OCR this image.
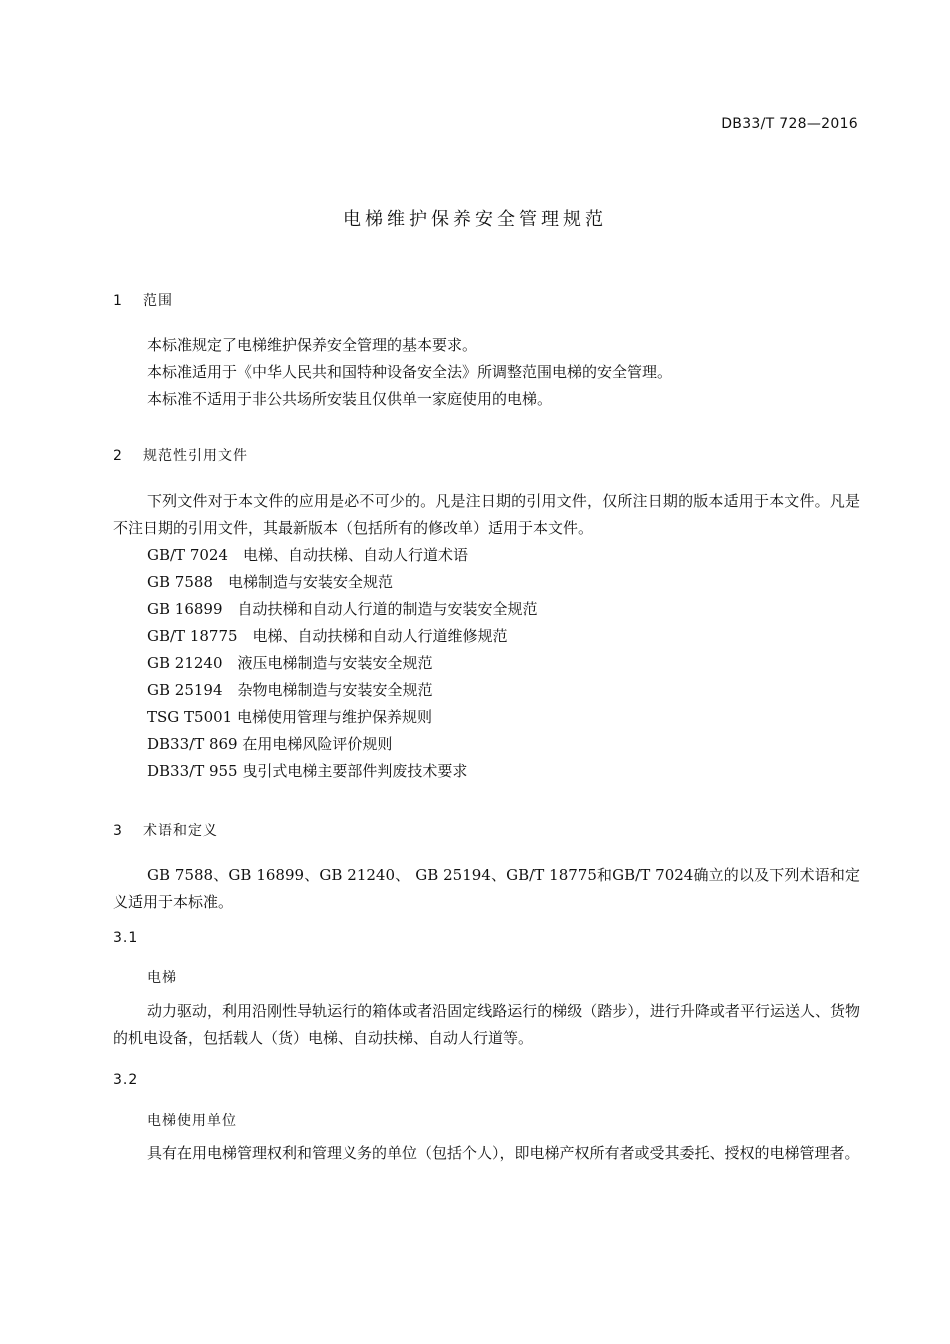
DB33/T 728—2016
电梯维护保养安全管理规范
1 范围
本标准规定了电梯维护保养安全管理的基本要求。
本标准适用于《中华人民共和国特种设备安全法》所调整范围电梯的安全管理。
本标准不适用于非公共场所安装且仅供单一家庭使用的电梯。
2 规范性引用文件
下列文件对于本文件的应用是必不可少的。凡是注日期的引用文件，仅所注日期的版本适用于本文件。凡是不注日期的引用文件，其最新版本（包括所有的修改单）适用于本文件。
GB/T 7024　电梯、自动扶梯、自动人行道术语
GB 7588　电梯制造与安装安全规范
GB 16899　自动扶梯和自动人行道的制造与安装安全规范
GB/T 18775　电梯、自动扶梯和自动人行道维修规范
GB 21240　液压电梯制造与安装安全规范
GB 25194　杂物电梯制造与安装安全规范
TSG T5001 电梯使用管理与维护保养规则
DB33/T 869 在用电梯风险评价规则
DB33/T 955 曳引式电梯主要部件判废技术要求
3 术语和定义
GB 7588、GB 16899、GB 21240、 GB 25194、GB/T 18775和GB/T 7024确立的以及下列术语和定义适用于本标准。
3.1
电梯
动力驱动，利用沿刚性导轨运行的箱体或者沿固定线路运行的梯级（踏步），进行升降或者平行运送人、货物的机电设备，包括载人（货）电梯、自动扶梯、自动人行道等。
3.2
电梯使用单位
具有在用电梯管理权利和管理义务的单位（包括个人），即电梯产权所有者或受其委托、授权的电梯管理者。
